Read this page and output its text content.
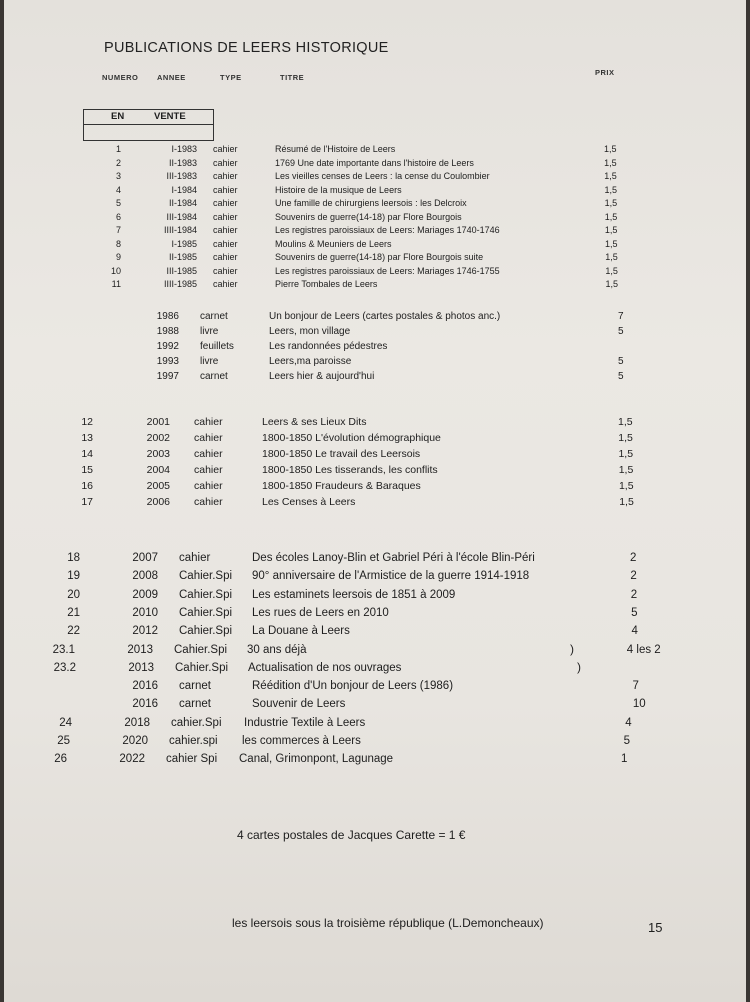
PUBLICATIONS DE LEERS HISTORIQUE
NUMERO ANNEE	TYPE	TITRE
PRIX
EN	VENTE
1	I-1983 cahier	Résumé de l'Histoire de Leers	1,5
2	II-1983 cahier	1769 Une date importante dans l'histoire de Leers	1,5
3	III-1983 cahier	Les vieilles censes de Leers : la cense du Coulombier	1,5
4	I-1984 cahier	Histoire de la musique de Leers	1,5
5	II-1984 cahier	Une famille de chirurgiens leersois : les Delcroix	1,5
6	III-1984 cahier	Souvenirs de guerre(14-18) par Flore Bourgois	1,5
7	IIII-1984 cahier	Les registres paroissiaux de Leers: Mariages 1740-1746	1,5
8	I-1985 cahier	Moulins & Meuniers de Leers	1,5
9	II-1985 cahier	Souvenirs de guerre(14-18) par Flore Bourgois suite	1,5
10	III-1985 cahier	Les registres paroissiaux de Leers: Mariages 1746-1755	1,5
11	IIII-1985 cahier	Pierre Tombales de Leers	1,5
1986 carnet	Un bonjour de Leers (cartes postales & photos anc.)	7
1988 livre	Leers, mon village	5
1992 feuillets	Les randonnées pédestres
1993 livre	Leers,ma paroisse	5
1997 carnet	Leers hier & aujourd'hui	5
12	2001 cahier	Leers & ses Lieux Dits	1,5
13	2002 cahier	1800-1850 L'évolution démographique	1,5
14	2003 cahier	1800-1850 Le travail des Leersois	1,5
15	2004 cahier	1800-1850 Les tisserands, les conflits	1,5
16	2005 cahier	1800-1850 Fraudeurs & Baraques	1,5
17	2006 cahier	Les Censes à Leers	1,5
18	2007 cahier	Des écoles Lanoy-Blin et Gabriel Péri à l'école Blin-Péri	2
19	2008 Cahier.Spi 90° anniversaire de l'Armistice de la guerre 1914-1918	2
20	2009 Cahier.Spi Les estaminets leersois de 1851 à 2009	2
21	2010 Cahier.Spi Les rues de Leers en 2010	5
22	2012 Cahier.Spi La Douane à Leers	4
23.1	2013 Cahier.Spi 30 ans déjà	4 les 2
23.2	2013 Cahier.Spi Actualisation de nos ouvrages
2016 carnet	Réédition d'Un bonjour de Leers (1986)	7
2016 carnet	Souvenir de Leers	10
24	2018 cahier.Spi Industrie Textile à Leers	4
25	2020 cahier.spi les commerces à Leers	5
26	2022 cahier Spi Canal, Grimonpont, Lagunage	1
)
)
4 cartes postales de Jacques Carette = 1 €
les leersois sous la troisième république (L.Demoncheaux)	15
